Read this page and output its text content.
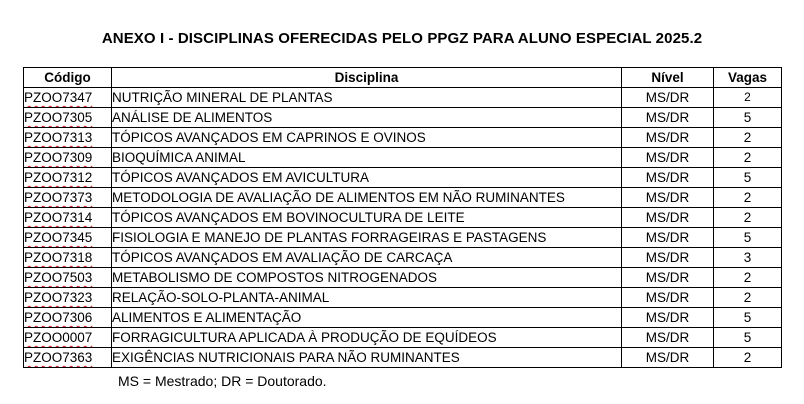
ANEXO I - DISCIPLINAS OFERECIDAS PELO PPGZ PARA ALUNO ESPECIAL 2025.2
Código	Disciplina	Nível	Vagas
PZOO7347	NUTRIÇÃO MINERAL DE PLANTAS	MS/DR	2
PZOO7305	ANÁLISE DE ALIMENTOS	MS/DR	5
PZOO7313	TÓPICOS AVANÇADOS EM CAPRINOS E OVINOS	MS/DR	2
PZOO7309	BIOQUÍMICA ANIMAL	MS/DR	2
PZOO7312	TÓPICOS AVANÇADOS EM AVICULTURA	MS/DR	5
PZOO7373	METODOLOGIA DE AVALIAÇÃO DE ALIMENTOS EM NÃO RUMINANTES	MS/DR	2
PZOO7314	TÓPICOS AVANÇADOS EM BOVINOCULTURA DE LEITE	MS/DR	2
PZOO7345	FISIOLOGIA E MANEJO DE PLANTAS FORRAGEIRAS E PASTAGENS	MS/DR	5
PZOO7318	TÓPICOS AVANÇADOS EM AVALIAÇÃO DE CARCAÇA	MS/DR	3
PZOO7503	METABOLISMO DE COMPOSTOS NITROGENADOS	MS/DR	2
PZOO7323	RELAÇÃO-SOLO-PLANTA-ANIMAL	MS/DR	2
PZOO7306	ALIMENTOS E ALIMENTAÇÃO	MS/DR	5
PZOO0007	FORRAGICULTURA APLICADA À PRODUÇÃO DE EQUÍDEOS	MS/DR	5
PZOO7363	EXIGÊNCIAS NUTRICIONAIS PARA NÃO RUMINANTES	MS/DR	2
MS = Mestrado; DR = Doutorado.
